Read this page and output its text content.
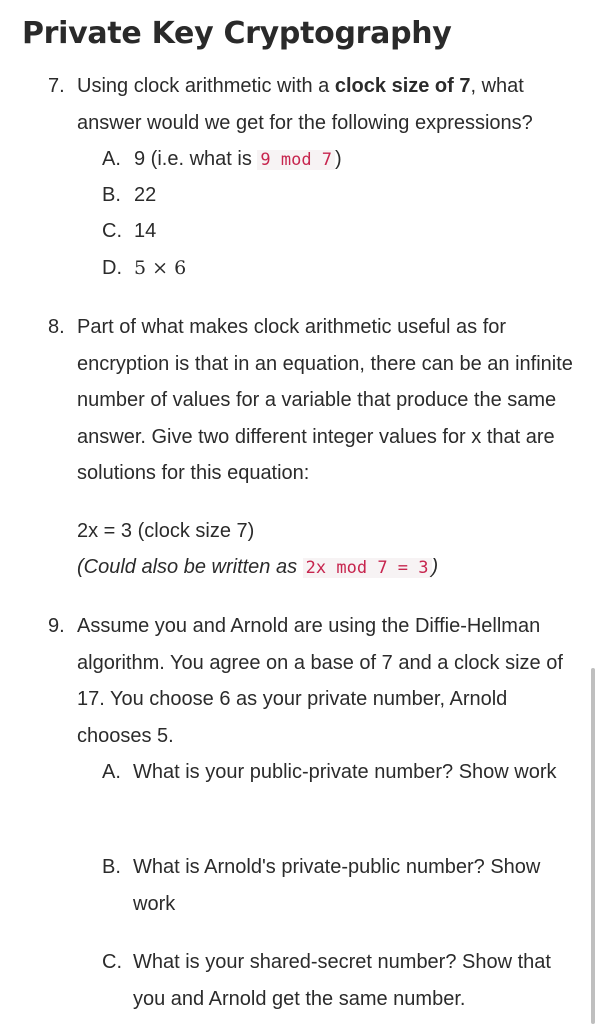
Private Key Cryptography
7. Using clock arithmetic with a clock size of 7, what answer would we get for the following expressions?
A. 9 (i.e. what is 9 mod 7 )
B. 22
C. 14
D. 5 × 6
8. Part of what makes clock arithmetic useful as for encryption is that in an equation, there can be an infinite number of values for a variable that produce the same answer. Give two different integer values for x that are solutions for this equation:
2x = 3 (clock size 7)
(Could also be written as 2x mod 7 = 3 )
9. Assume you and Arnold are using the Diffie-Hellman algorithm. You agree on a base of 7 and a clock size of 17. You choose 6 as your private number, Arnold chooses 5.
A. What is your public-private number? Show work
B. What is Arnold's private-public number? Show work
C. What is your shared-secret number? Show that you and Arnold get the same number.
